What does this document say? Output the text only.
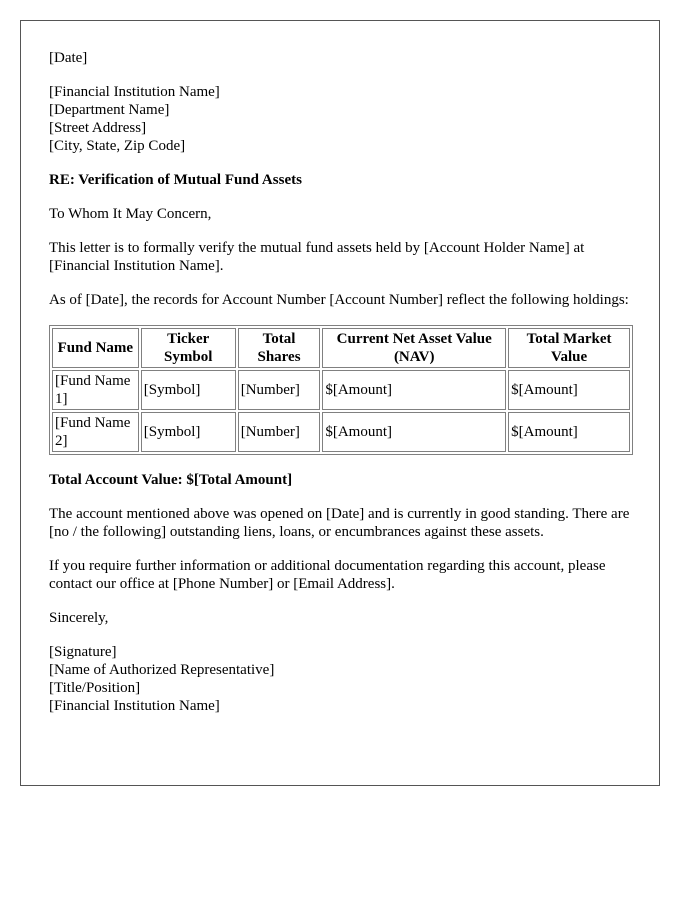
[Date]

[Financial Institution Name]
[Department Name]
[Street Address]
[City, State, Zip Code]

RE: Verification of Mutual Fund Assets

To Whom It May Concern,

This letter is to formally verify the mutual fund assets held by [Account Holder Name] at [Financial Institution Name].

As of [Date], the records for Account Number [Account Number] reflect the following holdings:

Fund Name	Ticker Symbol	Total Shares	Current Net Asset Value (NAV)	Total Market Value
[Fund Name 1]	[Symbol]	[Number]	$[Amount]	$[Amount]
[Fund Name 2]	[Symbol]	[Number]	$[Amount]	$[Amount]

Total Account Value: $[Total Amount]

The account mentioned above was opened on [Date] and is currently in good standing. There are [no / the following] outstanding liens, loans, or encumbrances against these assets.

If you require further information or additional documentation regarding this account, please contact our office at [Phone Number] or [Email Address].

Sincerely,

[Signature]
[Name of Authorized Representative]
[Title/Position]
[Financial Institution Name]
